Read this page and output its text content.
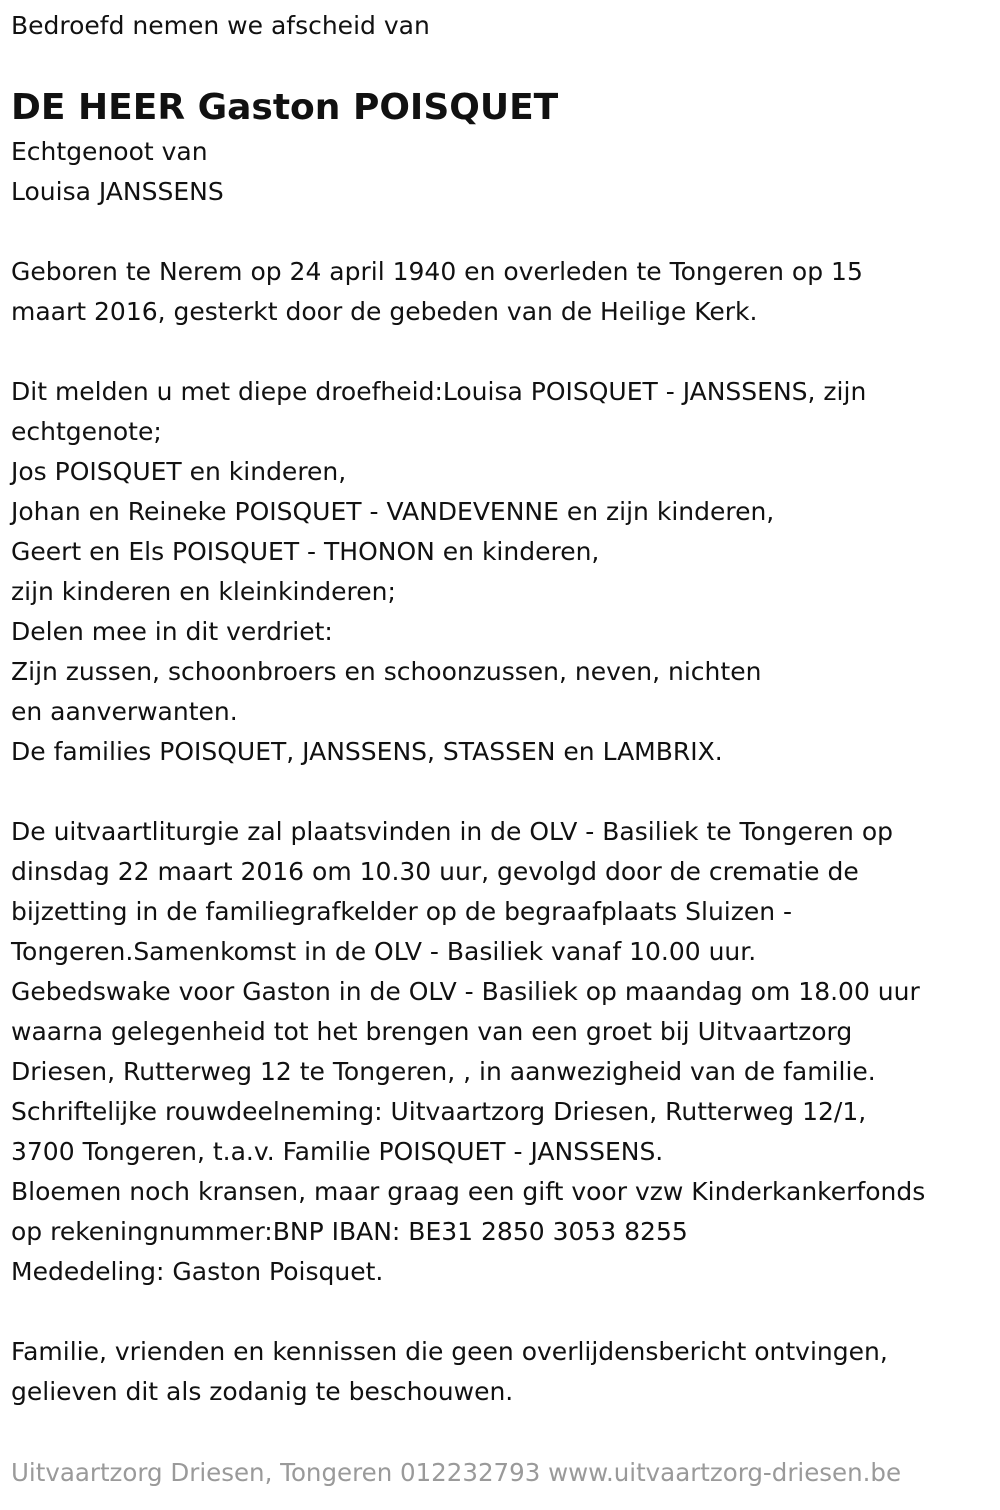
Bedroefd nemen we afscheid van
DE HEER Gaston POISQUET
Echtgenoot van
Louisa JANSSENS
Geboren te Nerem op 24 april 1940 en overleden te Tongeren op 15
maart 2016, gesterkt door de gebeden van de Heilige Kerk.
Dit melden u met diepe droefheid:Louisa POISQUET - JANSSENS, zijn
echtgenote;
Jos POISQUET en kinderen,
Johan en Reineke POISQUET - VANDEVENNE en zijn kinderen,
Geert en Els POISQUET - THONON en kinderen,
zijn kinderen en kleinkinderen;
Delen mee in dit verdriet:
Zijn zussen, schoonbroers en schoonzussen, neven, nichten
en aanverwanten.
De families POISQUET, JANSSENS, STASSEN en LAMBRIX.
De uitvaartliturgie zal plaatsvinden in de OLV - Basiliek te Tongeren op
dinsdag 22 maart 2016 om 10.30 uur, gevolgd door de crematie de
bijzetting in de familiegrafkelder op de begraafplaats Sluizen -
Tongeren.Samenkomst in de OLV - Basiliek vanaf 10.00 uur.
Gebedswake voor Gaston in de OLV - Basiliek op maandag om 18.00 uur
waarna gelegenheid tot het brengen van een groet bij Uitvaartzorg
Driesen, Rutterweg 12 te Tongeren, , in aanwezigheid van de familie.
Schriftelijke rouwdeelneming: Uitvaartzorg Driesen, Rutterweg 12/1,
3700 Tongeren, t.a.v. Familie POISQUET - JANSSENS.
Bloemen noch kransen, maar graag een gift voor vzw Kinderkankerfonds
op rekeningnummer:BNP IBAN: BE31 2850 3053 8255
Mededeling: Gaston Poisquet.
Familie, vrienden en kennissen die geen overlijdensbericht ontvingen,
gelieven dit als zodanig te beschouwen.
Uitvaartzorg Driesen, Tongeren 012232793 www.uitvaartzorg-driesen.be
